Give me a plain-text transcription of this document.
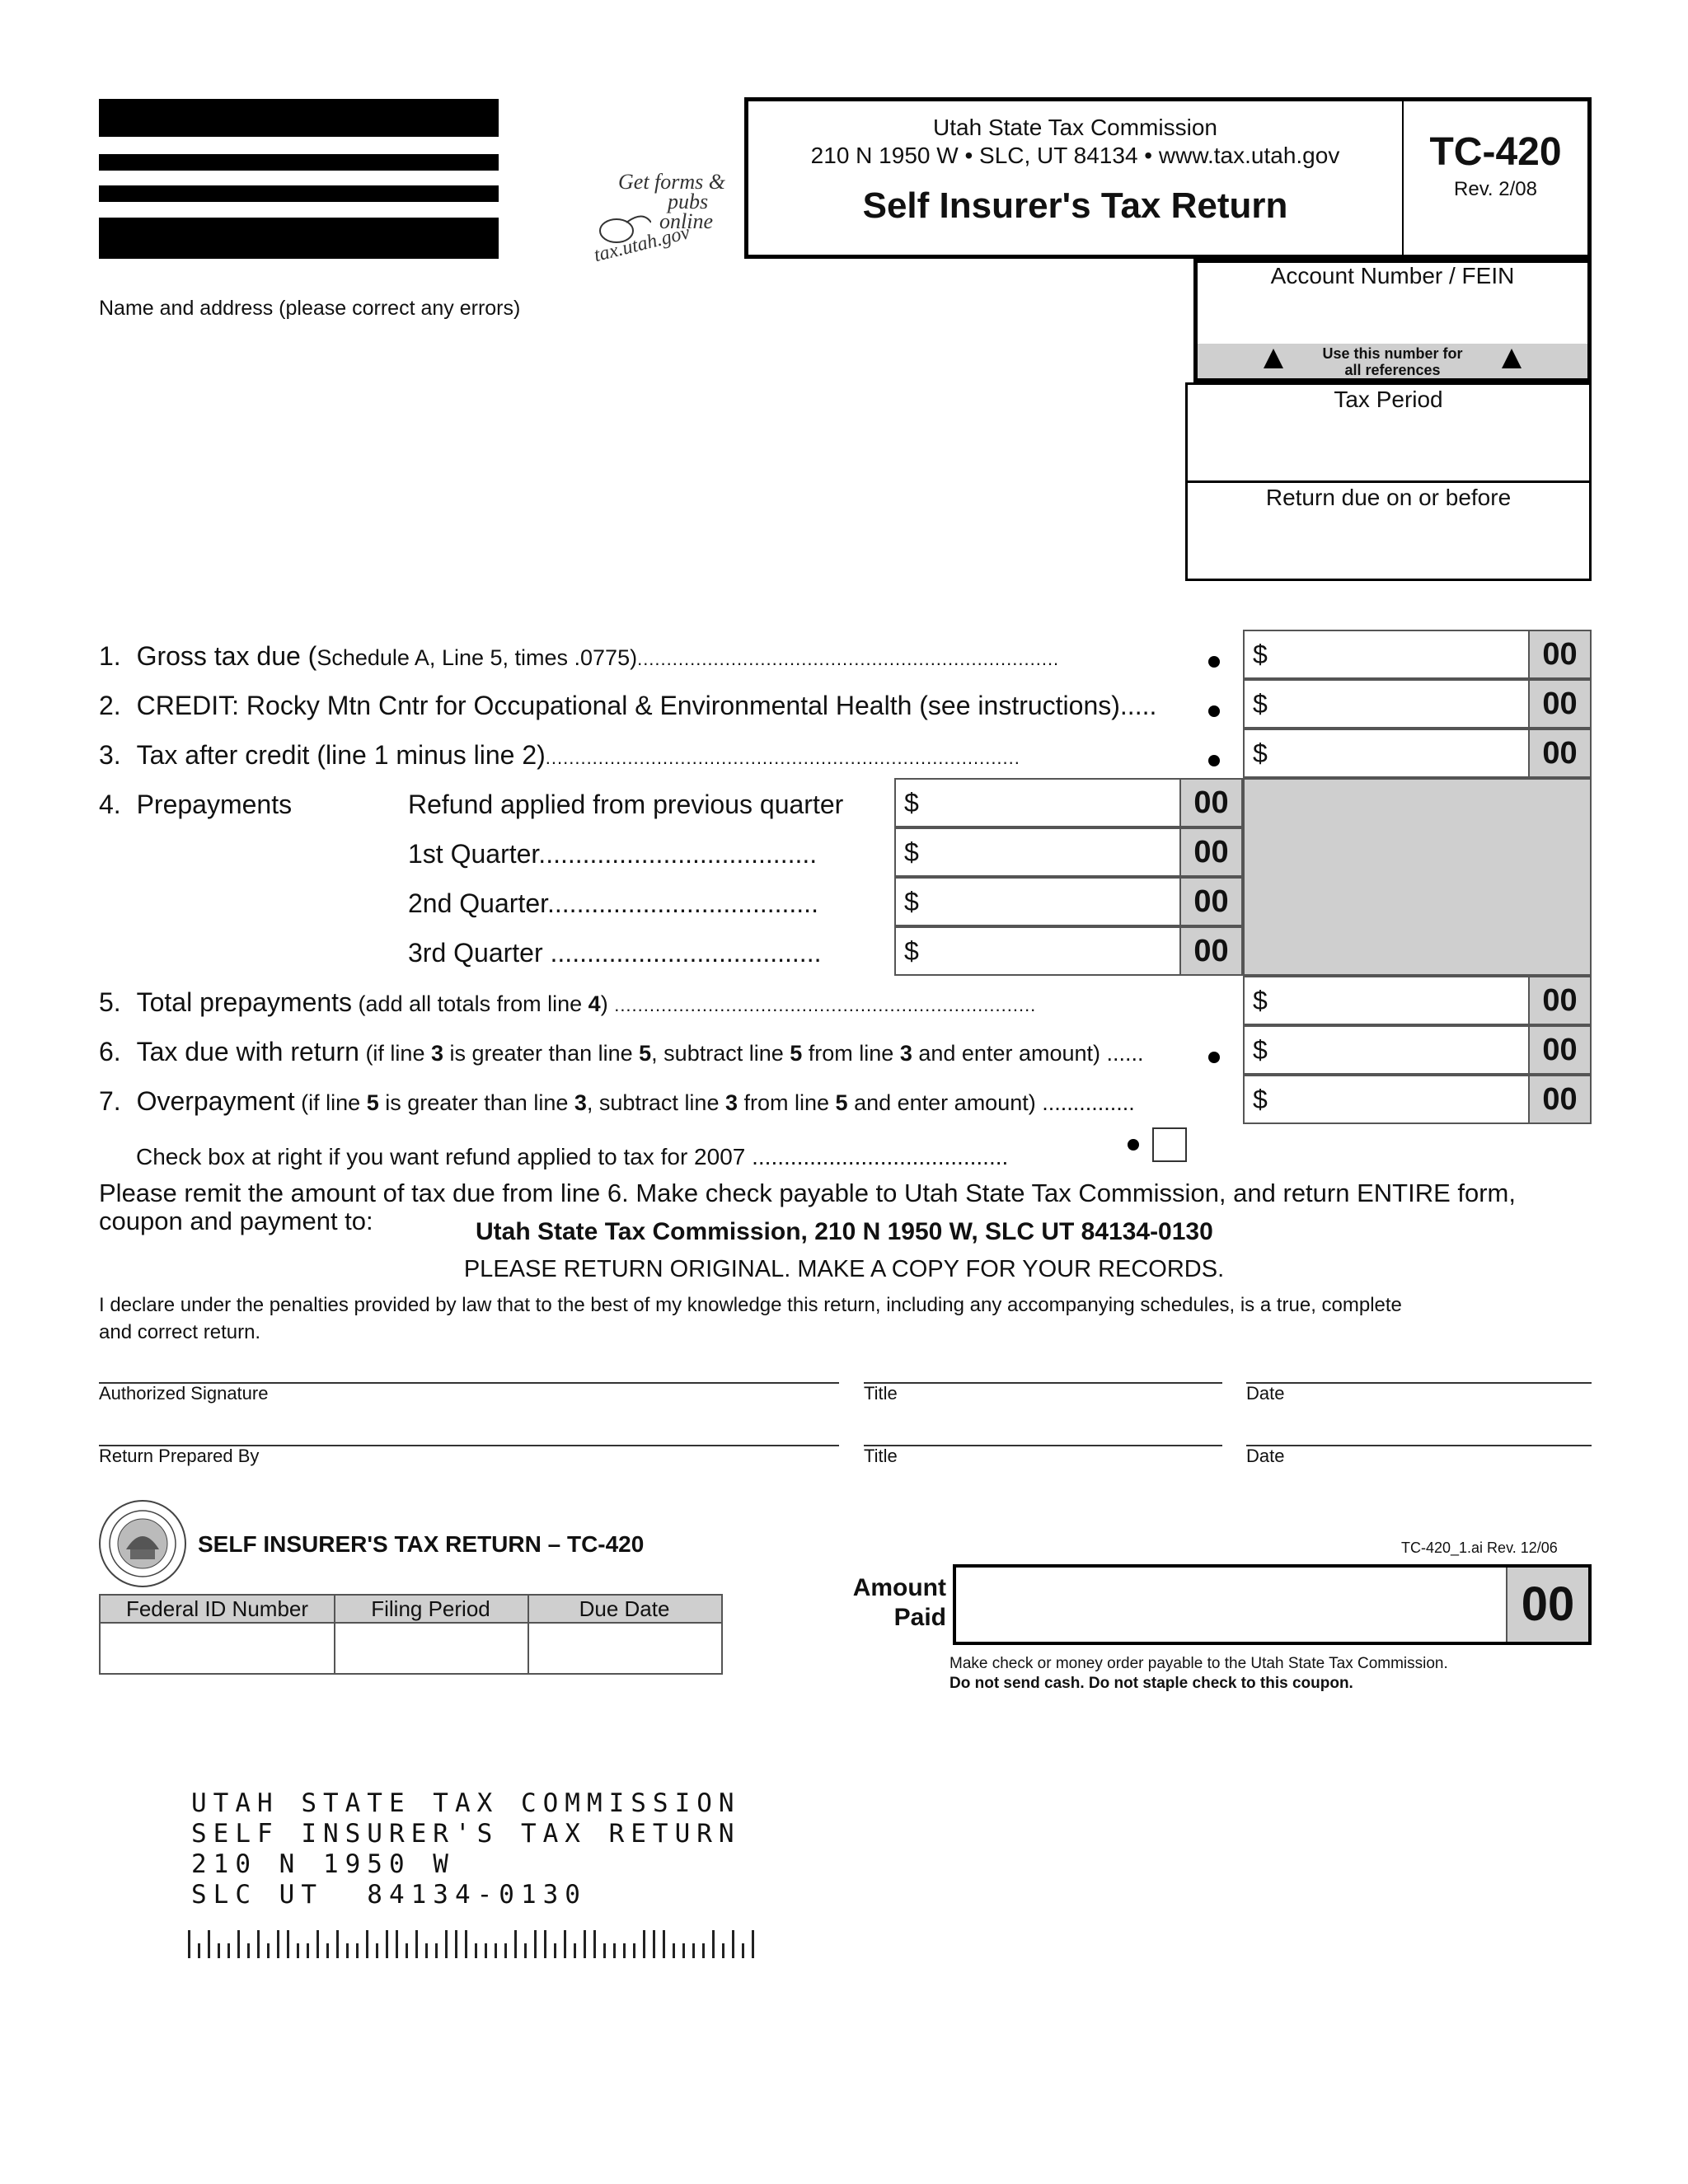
Get forms &
pubs
online
tax.utah.gov
Utah State Tax Commission
210 N 1950 W • SLC, UT 84134 • www.tax.utah.gov
Self Insurer's Tax Return
TC-420
Rev. 2/08
Name and address (please correct any errors)
Account Number / FEIN
Use this number for
all references
Tax Period
Return due on or before
1. Gross tax due (Schedule A, Line 5, times .0775)........................................................................	$	00
2. CREDIT: Rocky Mtn Cntr for Occupational & Environmental Health (see instructions).....	$	00
3. Tax after credit (line 1 minus line 2).................................................................................	$	00
4. Prepayments	Refund applied from previous quarter $	00
1st Quarter......................................	$	00
2nd Quarter.....................................	$	00
3rd Quarter .....................................	$	00
5. Total prepayments (add all totals from line 4) ........................................................................	$	00
6. Tax due with return (if line 3 is greater than line 5, subtract line 5 from line 3 and enter amount) ......	$	00
7. Overpayment (if line 5 is greater than line 3, subtract line 3 from line 5 and enter amount) ...............	$	00
Check box at right if you want refund applied to tax for 2007 ........................................
Please remit the amount of tax due from line 6. Make check payable to Utah State Tax Commission, and return ENTIRE form,
coupon and payment to:	Utah State Tax Commission, 210 N 1950 W, SLC UT 84134-0130
PLEASE RETURN ORIGINAL. MAKE A COPY FOR YOUR RECORDS.
I declare under the penalties provided by law that to the best of my knowledge this return, including any accompanying schedules, is a true, complete
and correct return.
Authorized Signature	Title	Date
Return Prepared By	Title	Date
SELF INSURER'S TAX RETURN – TC-420	TC-420_1.ai Rev. 12/06
Federal ID Number	Filing Period	Due Date
Amount
Paid	00
Make check or money order payable to the Utah State Tax Commission.
Do not send cash. Do not staple check to this coupon.
UTAH STATE TAX COMMISSION
SELF INSURER'S TAX RETURN
210 N 1950 W
SLC UT  84134-0130
